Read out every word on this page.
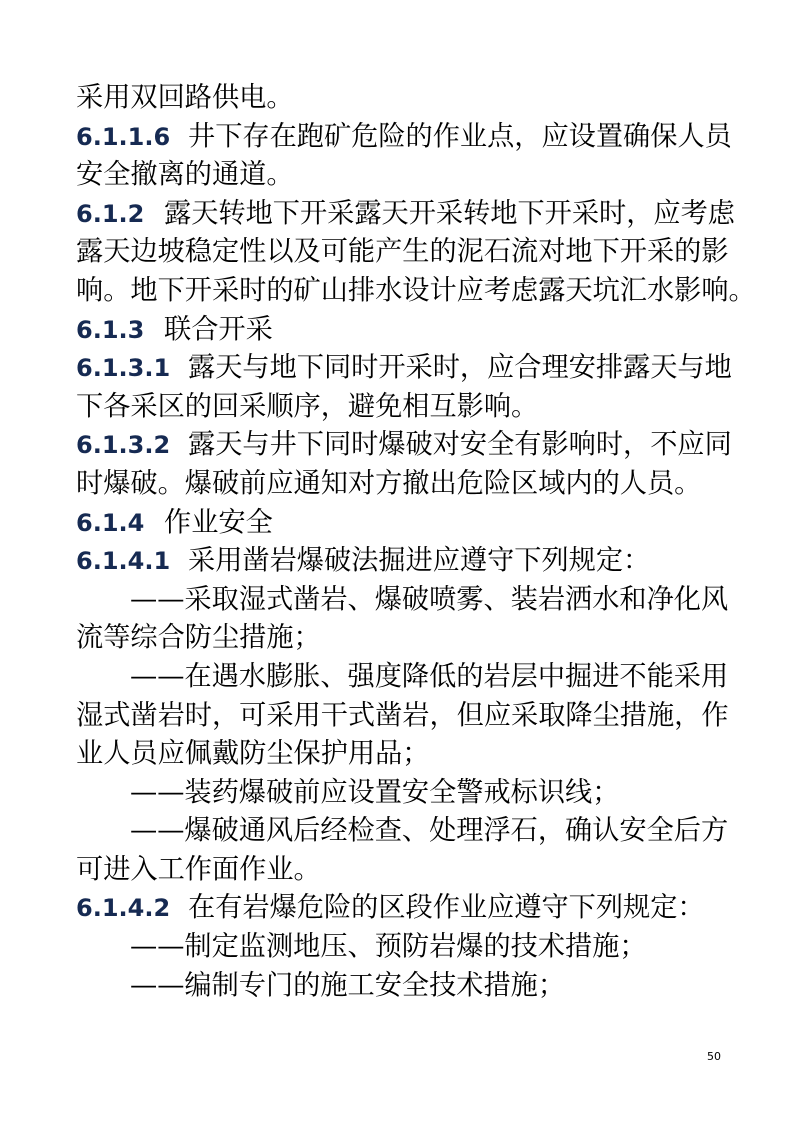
采用双回路供电。
6.1.1.6 井下存在跑矿危险的作业点，应设置确保人员
安全撤离的通道。
6.1.2 露天转地下开采露天开采转地下开采时，应考虑
露天边坡稳定性以及可能产生的泥石流对地下开采的影
响。地下开采时的矿山排水设计应考虑露天坑汇水影响。
6.1.3 联合开采
6.1.3.1 露天与地下同时开采时，应合理安排露天与地
下各采区的回采顺序，避免相互影响。
6.1.3.2 露天与井下同时爆破对安全有影响时，不应同
时爆破。爆破前应通知对方撤出危险区域内的人员。
6.1.4 作业安全
6.1.4.1 采用凿岩爆破法掘进应遵守下列规定：
——采取湿式凿岩、爆破喷雾、装岩洒水和净化风
流等综合防尘措施；
——在遇水膨胀、强度降低的岩层中掘进不能采用
湿式凿岩时，可采用干式凿岩，但应采取降尘措施，作
业人员应佩戴防尘保护用品；
——装药爆破前应设置安全警戒标识线；
——爆破通风后经检查、处理浮石，确认安全后方
可进入工作面作业。
6.1.4.2 在有岩爆危险的区段作业应遵守下列规定：
——制定监测地压、预防岩爆的技术措施；
——编制专门的施工安全技术措施；
50
